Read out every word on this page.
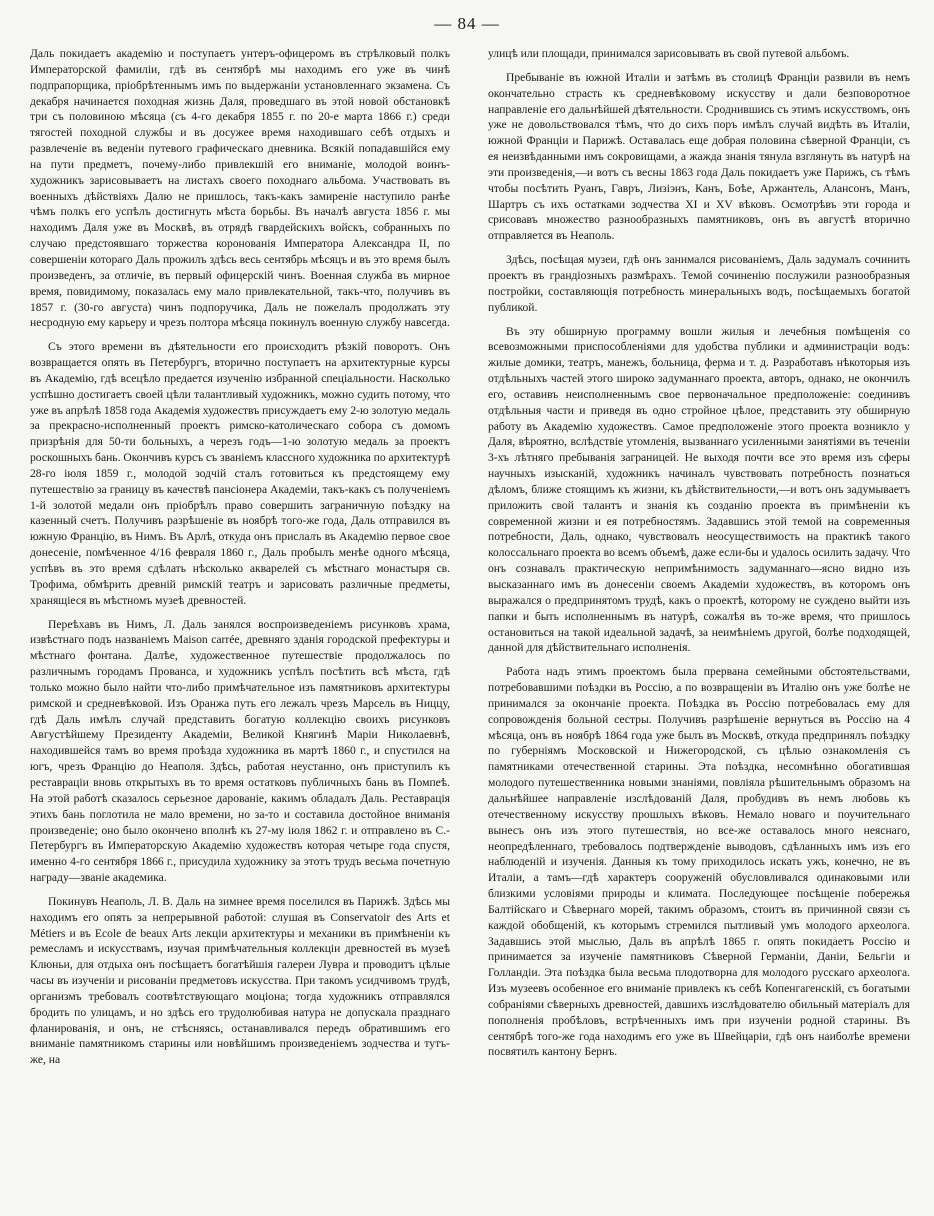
— 84 —

Даль покидаетъ академію и поступаетъ унтеръ-офицеромъ въ стрѣлковый полкъ Императорской фамиліи, гдѣ въ сентябрѣ мы находимъ его уже въ чинѣ подпрапорщика, пріобрѣтеннымъ имъ по выдержаніи установленнаго экзамена. Съ декабря начинается походная жизнь Даля, проведшаго въ этой новой обстановкѣ три съ половиною мѣсяца (съ 4-го декабря 1855 г. по 20-е марта 1866 г.) среди тягостей походной службы и въ досужее время находившаго себѣ отдыхъ и развлеченіе въ веденіи путевого графическаго дневника. Всякій попадавшійся ему на пути предметъ, почему-либо привлекшій его вниманіе, молодой воинъ-художникъ зарисовываетъ на листахъ своего походнаго альбома. Участвовать въ военныхъ дѣйствіяхъ Далю не пришлось, такъ-какъ замиреніе наступило ранѣе чѣмъ полкъ его успѣлъ достигнуть мѣста борьбы. Въ началѣ августа 1856 г. мы находимъ Даля уже въ Москвѣ, въ отрядѣ гвардейскихъ войскъ, собранныхъ по случаю предстоявшаго торжества коронованія Императора Александра II, по совершеніи котораго Даль прожилъ здѣсь весь сентябрь мѣсяцъ и въ это время былъ произведенъ, за отличіе, въ первый офицерскій чинъ. Военная служба въ мирное время, повидимому, показалась ему мало привлекательной, такъ-что, получивъ въ 1857 г. (30-го августа) чинъ подпоручика, Даль не пожелалъ продолжать эту несродную ему карьеру и чрезъ полтора мѣсяца покинулъ военную службу навсегда.

Съ этого времени въ дѣятельности его происходитъ рѣзкій поворотъ. Онъ возвращается опять въ Петербургъ, вторично поступаетъ на архитектурные курсы въ Академію, гдѣ всецѣло предается изученію избранной спеціальности. Насколько успѣшно достигаетъ своей цѣли талантливый художникъ, можно судить потому, что уже въ апрѣлѣ 1858 года Академія художествъ присуждаетъ ему 2-ю золотую медаль за прекрасно-исполненный проектъ римско-католическаго собора съ домомъ призрѣнія для 50-ти больныхъ, а черезъ годъ—1-ю золотую медаль за проектъ роскошныхъ бань. Окончивъ курсъ съ званіемъ классного художника по архитектурѣ 28-го іюля 1859 г., молодой зодчій сталъ готовиться къ предстоящему ему путешествію за границу въ качествѣ пансіонера Академіи, такъ-какъ съ полученіемъ 1-й золотой медали онъ пріобрѣлъ право совершить заграничную поѣздку на казенный счетъ. Получивъ разрѣшеніе въ ноябрѣ того-же года, Даль отправился въ южную Францію, въ Нимъ. Въ Арлѣ, откуда онъ прислалъ въ Академію первое свое донесеніе, помѣченное 4/16 февраля 1860 г., Даль пробылъ менѣе одного мѣсяца, успѣвъ въ это время сдѣлать нѣсколько акварелей съ мѣстнаго монастыря св. Трофима, обмѣрить древній римскій театръ и зарисовать различные предметы, хранящіеся въ мѣстномъ музеѣ древностей.

Переѣхавъ въ Нимъ, Л. Даль занялся воспроизведеніемъ рисунковъ храма, извѣстнаго подъ названіемъ Maison carrée, древняго зданія городской префектуры и мѣстнаго фонтана. Далѣе, художественное путешествіе продолжалось по различнымъ городамъ Прованса, и художникъ успѣлъ посѣтить всѣ мѣста, гдѣ только можно было найти что-либо примѣчательное изъ памятниковъ архитектуры римской и средневѣковой. Изъ Оранжа путь его лежалъ чрезъ Марсель въ Ниццу, гдѣ Даль имѣлъ случай представить богатую коллекцію своихъ рисунковъ Августѣйшему Президенту Академіи, Великой Княгинѣ Маріи Николаевнѣ, находившейся тамъ во время проѣзда художника въ мартѣ 1860 г., и спустился на югъ, чрезъ Францію до Неаполя. Здѣсь, работая неустанно, онъ приступилъ къ реставраціи вновь открытыхъ въ то время остатковъ публичныхъ бань въ Помпеѣ. На этой работѣ сказалось серьезное дарованіе, какимъ обладалъ Даль. Реставрація этихъ бань поглотила не мало времени, но за-то и составила достойное вниманія произведеніе; оно было окончено вполнѣ къ 27-му іюля 1862 г. и отправлено въ С.-Петербургъ въ Императорскую Академію художествъ которая четыре года спустя, именно 4-го сентября 1866 г., присудила художнику за этотъ трудъ весьма почетную награду—званіе академика.

Покинувъ Неаполь, Л. В. Даль на зимнее время поселился въ Парижѣ. Здѣсь мы находимъ его опять за непрерывной работой: слушая въ Conservatoir des Arts et Métiers и въ Ecole de beaux Arts лекціи архитектуры и механики въ примѣненіи къ ремесламъ и искусствамъ, изучая примѣчательныя коллекціи древностей въ музеѣ Клюньи, для отдыха онъ посѣщаетъ богатѣйшія галереи Лувра и проводитъ цѣлые часы въ изученіи и рисованіи предметовъ искусства. При такомъ усидчивомъ трудѣ, организмъ требовалъ соотвѣтствующаго моціона; тогда художникъ отправлялся бродить по улицамъ, и но здѣсь его трудолюбивая натура не допускала празднаго фланированія, и онъ, не стѣсняясь, останавливался передъ обратившимъ его вниманіе памятникомъ старины или новѣйшимъ произведеніемъ зодчества и тутъ-же, на

улицѣ или площади, принимался зарисовывать въ свой путевой альбомъ.

Пребываніе въ южной Италіи и затѣмъ въ столицѣ Франціи развили въ немъ окончательно страсть къ средневѣковому искусству и дали безповоротное направленіе его дальнѣйшей дѣятельности. Сроднившись съ этимъ искусствомъ, онъ уже не довольствовался тѣмъ, что до сихъ поръ имѣлъ случай видѣть въ Италіи, южной Франціи и Парижѣ. Оставалась еще добрая половина сѣверной Франціи, съ ея неизвѣданными имъ сокровищами, а жажда знанія тянула взглянуть въ натурѣ на эти произведенія,—и вотъ съ весны 1863 года Даль покидаетъ уже Парижъ, съ тѣмъ чтобы посѣтить Руанъ, Гавръ, Лизіэнъ, Канъ, Боѣе, Аржантель, Алансонъ, Манъ, Шартръ съ ихъ остатками зодчества XI и XV вѣковъ. Осмотрѣвъ эти города и срисовавъ множество разнообразныхъ памятниковъ, онъ въ августѣ вторично отправляется въ Неаполь.

Здѣсь, посѣщая музеи, гдѣ онъ занимался рисованіемъ, Даль задумалъ сочинить проектъ въ грандіозныхъ размѣрахъ. Темой сочиненію послужили разнообразныя постройки, составляющія потребность минеральныхъ водъ, посѣщаемыхъ богатой публикой.

Въ эту обширную программу вошли жилыя и лечебныя помѣщенія со всевозможными приспособленіями для удобства публики и администраціи водъ: жилые домики, театръ, манежъ, больница, ферма и т. д. Разработавъ нѣкоторыя изъ отдѣльныхъ частей этого широко задуманнаго проекта, авторъ, однако, не окончилъ его, оставивъ неисполненнымъ свое первоначальное предположеніе: соединивъ отдѣльныя части и приведя въ одно стройное цѣлое, представить эту обширную работу въ Академію художествъ. Самое предположеніе этого проекта возникло у Даля, вѣроятно, вслѣдствіе утомленія, вызваннаго усиленными занятіями въ теченіи 3-хъ лѣтняго пребыванія заграницей. Не выходя почти все это время изъ сферы научныхъ изысканій, художникъ начиналъ чувствовать потребность познаться дѣломъ, ближе стоящимъ къ жизни, къ дѣйствительности,—и вотъ онъ задумываетъ приложить свой талантъ и знанія къ созданію проекта въ примѣненіи къ современной жизни и ея потребностямъ. Задавшись этой темой на современныя потребности, Даль, однако, чувствовалъ неосуществимость на практикѣ такого колоссальнаго проекта во всемъ объемѣ, даже если-бы и удалось осилить задачу. Что онъ сознавалъ практическую непримѣнимость задуманнаго—ясно видно изъ высказаннаго имъ въ донесеніи своемъ Академіи художествъ, въ которомъ онъ выражался о предпринятомъ трудѣ, какъ о проектѣ, которому не суждено выйти изъ папки и быть исполненнымъ въ натурѣ, сожалѣя въ то-же время, что пришлось остановиться на такой идеальной задачѣ, за неимѣніемъ другой, болѣе подходящей, данной для дѣйствительнаго исполненія.

Работа надъ этимъ проектомъ была прервана семейными обстоятельствами, потребовавшими поѣздки въ Россію, а по возвращеніи въ Италію онъ уже болѣе не принимался за окончаніе проекта. Поѣздка въ Россію потребовалась ему для сопровожденія больной сестры. Получивъ разрѣшеніе вернуться въ Россію на 4 мѣсяца, онъ въ ноябрѣ 1864 года уже былъ въ Москвѣ, откуда предпринялъ поѣздку по губерніямъ Московской и Нижегородской, съ цѣлью ознакомленія съ памятниками отечественной старины. Эта поѣздка, несомнѣнно обогатившая молодого путешественника новыми знаніями, повліяла рѣшительнымъ образомъ на дальнѣйшее направленіе изслѣдованій Даля, пробудивъ въ немъ любовь къ отечественному искусству прошлыхъ вѣковъ. Немало новаго и поучительнаго вынесъ онъ изъ этого путешествія, но все-же оставалось много неяснаго, неопредѣленнаго, требовалось подтвержденіе выводовъ, сдѣланныхъ имъ изъ его наблюденій и изученія. Данныя къ тому приходилось искать ужъ, конечно, не въ Италіи, а тамъ—гдѣ характеръ сооруженій обусловливался одинаковыми или близкими условіями природы и климата. Последующее посѣщеніе побережья Балтійскаго и Сѣвернаго морей, такимъ образомъ, стоитъ въ причинной связи съ каждой обобщеній, къ которымъ стремился пытливый умъ молодого археолога. Задавшись этой мыслью, Даль въ апрѣлѣ 1865 г. опять покидаетъ Россію и принимается за изученіе памятниковъ Сѣверной Германіи, Даніи, Бельгіи и Голландіи. Эта поѣздка была весьма плодотворна для молодого русскаго археолога. Изъ музеевъ особенное его вниманіе привлекъ къ себѣ Копенгагенскій, съ богатыми собраніями сѣверныхъ древностей, давшихъ изслѣдователю обильный матеріалъ для пополненія пробѣловъ, встрѣченныхъ имъ при изученіи родной старины. Въ сентябрѣ того-же года находимъ его уже въ Швейцаріи, гдѣ онъ наиболѣе времени посвятилъ кантону Бернъ.
